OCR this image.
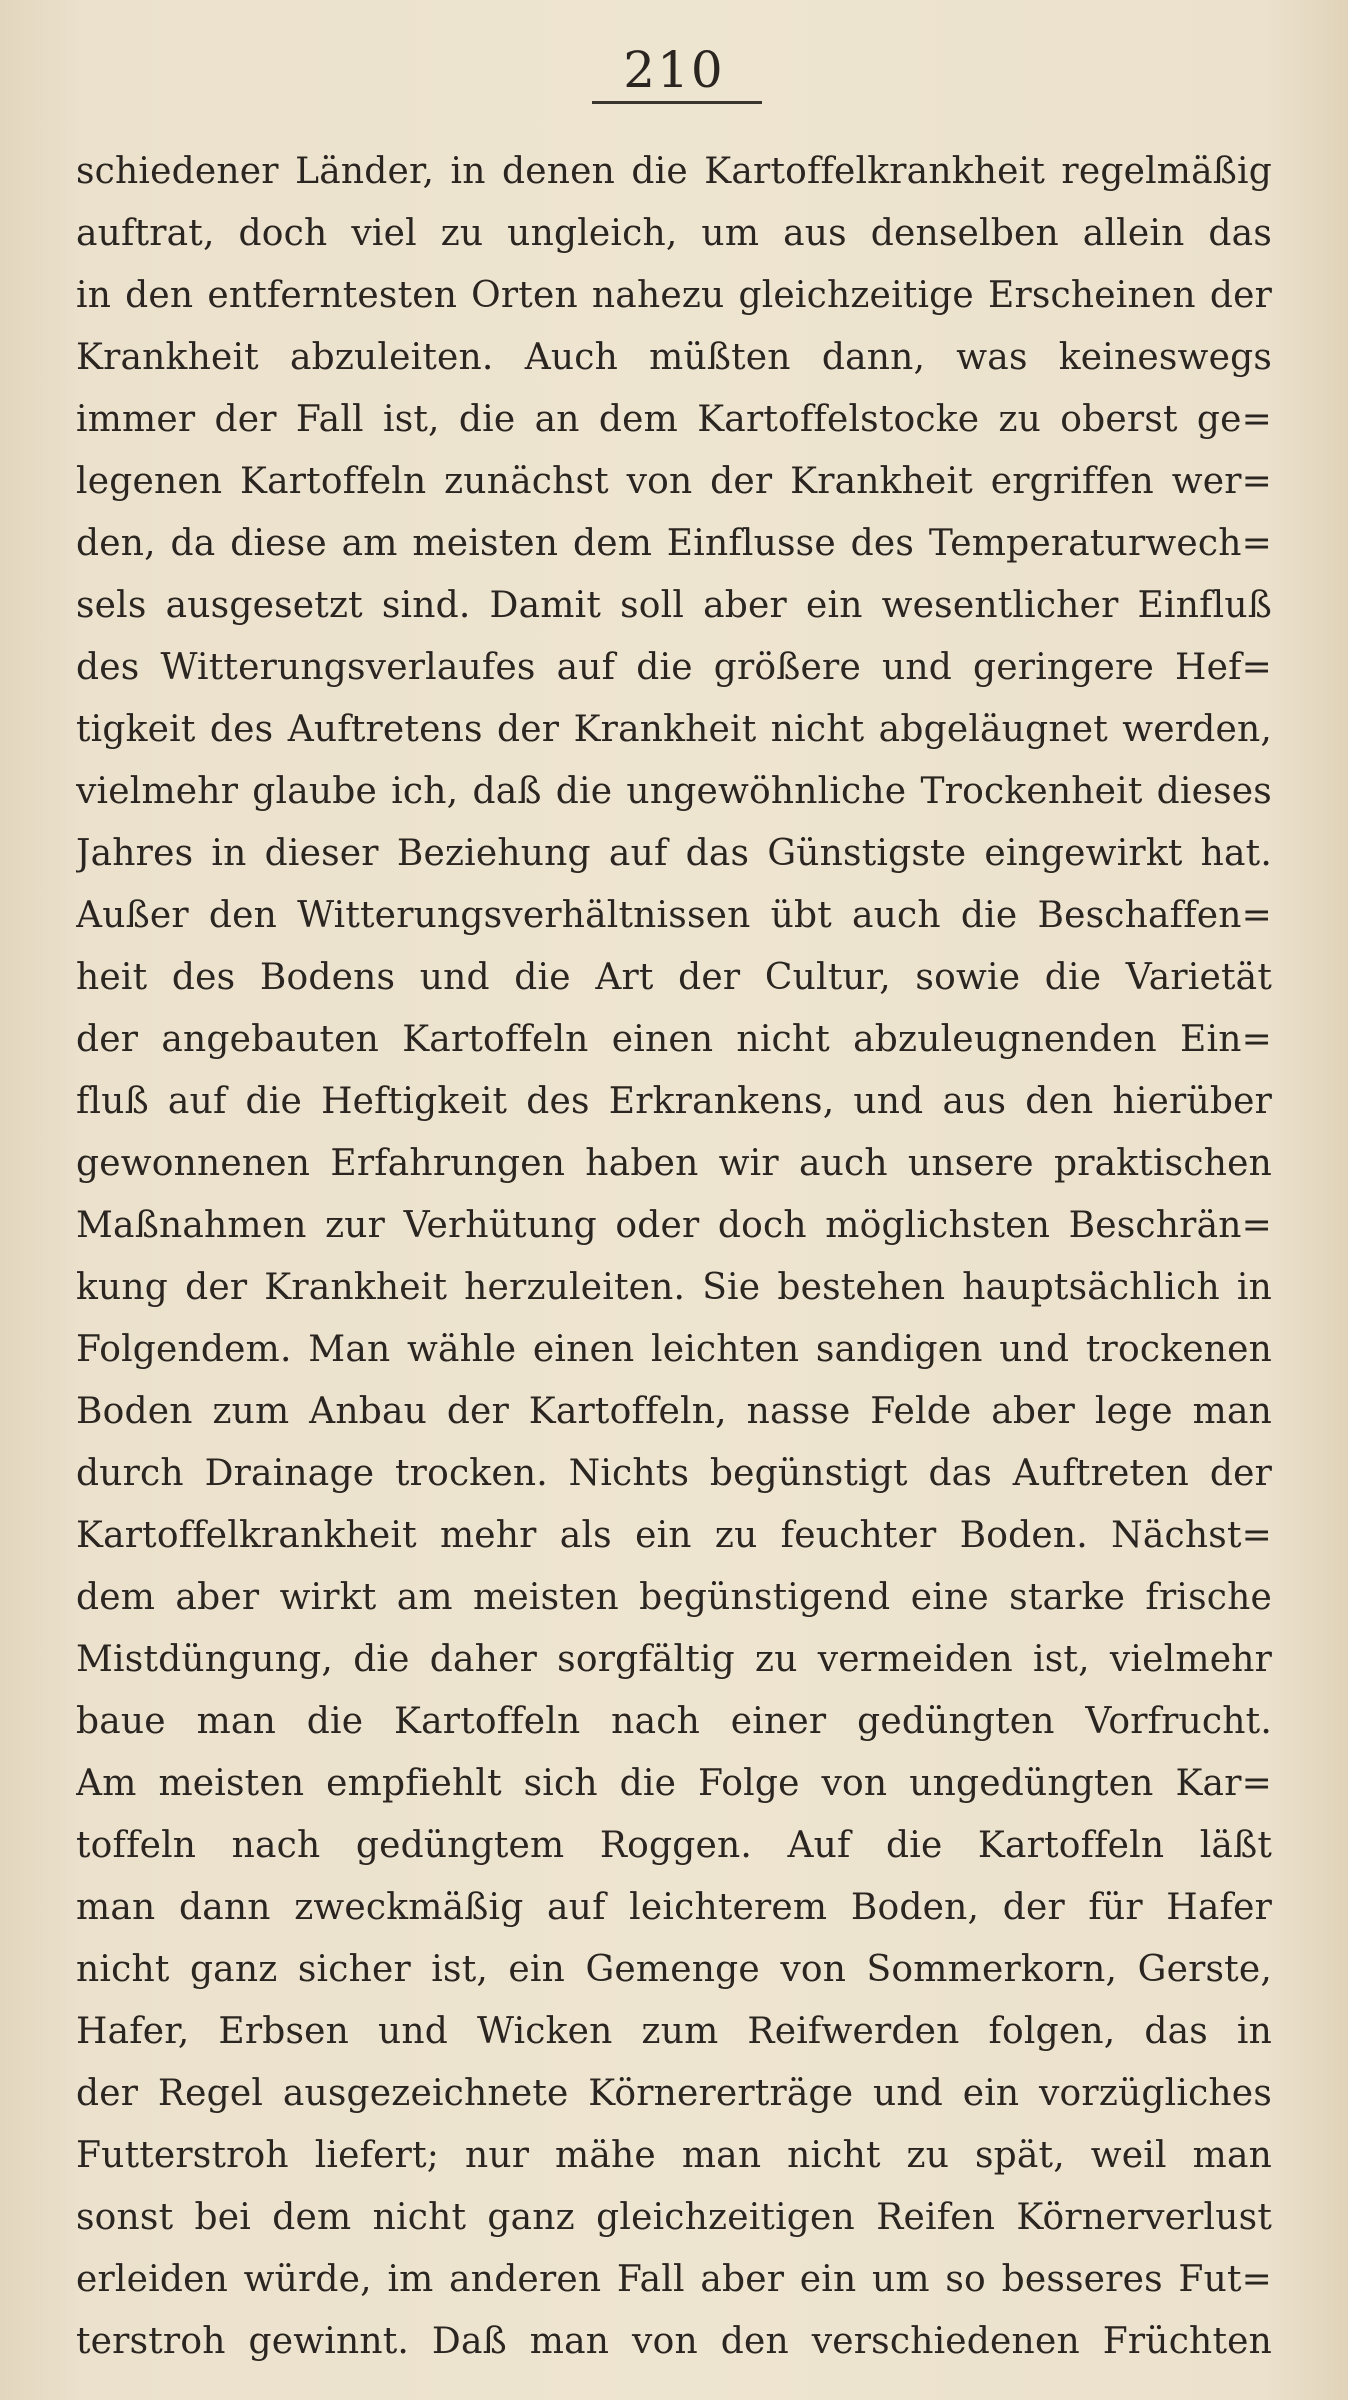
210
schiedener Länder, in denen die Kartoffelkrankheit regelmäßig
auftrat, doch viel zu ungleich, um aus denselben allein das
in den entferntesten Orten nahezu gleichzeitige Erscheinen der
Krankheit abzuleiten. Auch müßten dann, was keineswegs
immer der Fall ist, die an dem Kartoffelstocke zu oberst ge=
legenen Kartoffeln zunächst von der Krankheit ergriffen wer=
den, da diese am meisten dem Einflusse des Temperaturwech=
sels ausgesetzt sind. Damit soll aber ein wesentlicher Einfluß
des Witterungsverlaufes auf die größere und geringere Hef=
tigkeit des Auftretens der Krankheit nicht abgeläugnet werden,
vielmehr glaube ich, daß die ungewöhnliche Trockenheit dieses
Jahres in dieser Beziehung auf das Günstigste eingewirkt hat.
Außer den Witterungsverhältnissen übt auch die Beschaffen=
heit des Bodens und die Art der Cultur, sowie die Varietät
der angebauten Kartoffeln einen nicht abzuleugnenden Ein=
fluß auf die Heftigkeit des Erkrankens, und aus den hierüber
gewonnenen Erfahrungen haben wir auch unsere praktischen
Maßnahmen zur Verhütung oder doch möglichsten Beschrän=
kung der Krankheit herzuleiten. Sie bestehen hauptsächlich in
Folgendem. Man wähle einen leichten sandigen und trockenen
Boden zum Anbau der Kartoffeln, nasse Felde aber lege man
durch Drainage trocken. Nichts begünstigt das Auftreten der
Kartoffelkrankheit mehr als ein zu feuchter Boden. Nächst=
dem aber wirkt am meisten begünstigend eine starke frische
Mistdüngung, die daher sorgfältig zu vermeiden ist, vielmehr
baue man die Kartoffeln nach einer gedüngten Vorfrucht.
Am meisten empfiehlt sich die Folge von ungedüngten Kar=
toffeln nach gedüngtem Roggen. Auf die Kartoffeln läßt
man dann zweckmäßig auf leichterem Boden, der für Hafer
nicht ganz sicher ist, ein Gemenge von Sommerkorn, Gerste,
Hafer, Erbsen und Wicken zum Reifwerden folgen, das in
der Regel ausgezeichnete Körnererträge und ein vorzügliches
Futterstroh liefert; nur mähe man nicht zu spät, weil man
sonst bei dem nicht ganz gleichzeitigen Reifen Körnerverlust
erleiden würde, im anderen Fall aber ein um so besseres Fut=
terstroh gewinnt. Daß man von den verschiedenen Früchten
